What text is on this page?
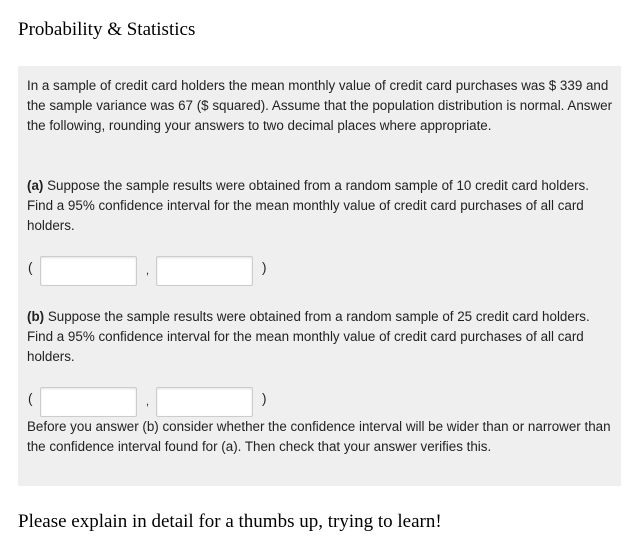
Probability & Statistics

In a sample of credit card holders the mean monthly value of credit card purchases was $ 339 and the sample variance was 67 ($ squared). Assume that the population distribution is normal. Answer the following, rounding your answers to two decimal places where appropriate.

(a) Suppose the sample results were obtained from a random sample of 10 credit card holders. Find a 95% confidence interval for the mean monthly value of credit card purchases of all card holders.

(	,	)

(b) Suppose the sample results were obtained from a random sample of 25 credit card holders. Find a 95% confidence interval for the mean monthly value of credit card purchases of all card holders.

(	,	)

Before you answer (b) consider whether the confidence interval will be wider than or narrower than the confidence interval found for (a). Then check that your answer verifies this.

Please explain in detail for a thumbs up, trying to learn!
